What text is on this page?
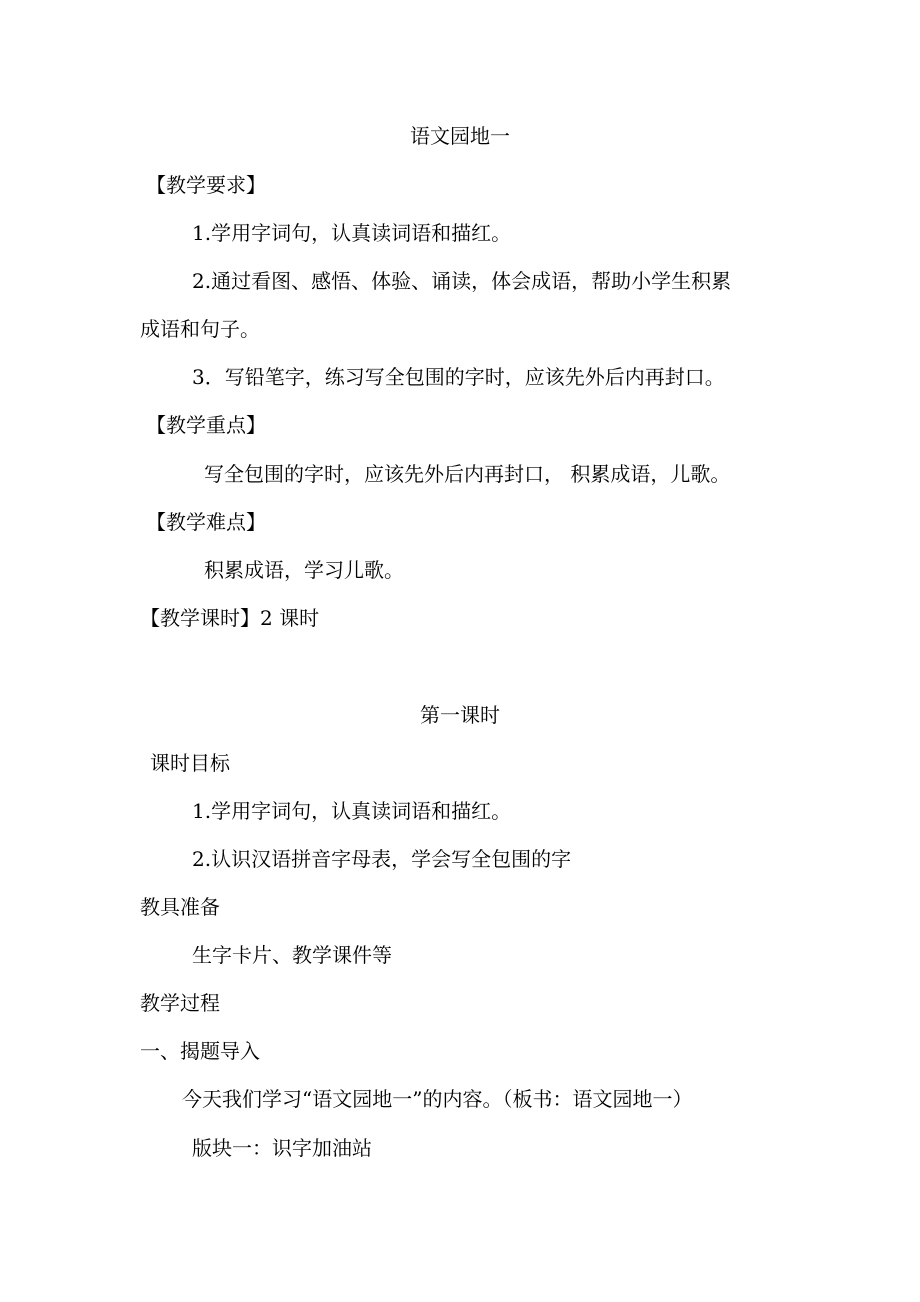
语文园地一
【教学要求】
1.学用字词句，认真读词语和描红。
2.通过看图、感悟、体验、诵读，体会成语，帮助小学生积累
成语和句子。
3．写铅笔字，练习写全包围的字时，应该先外后内再封口。
【教学重点】
写全包围的字时，应该先外后内再封口， 积累成语，儿歌。
【教学难点】
积累成语，学习儿歌。
【教学课时】2 课时
第一课时
课时目标
1.学用字词句，认真读词语和描红。
2.认识汉语拼音字母表，学会写全包围的字
教具准备
生字卡片、教学课件等
教学过程
一、揭题导入
今天我们学习“语文园地一”的内容。（板书：语文园地一）
版块一：识字加油站
